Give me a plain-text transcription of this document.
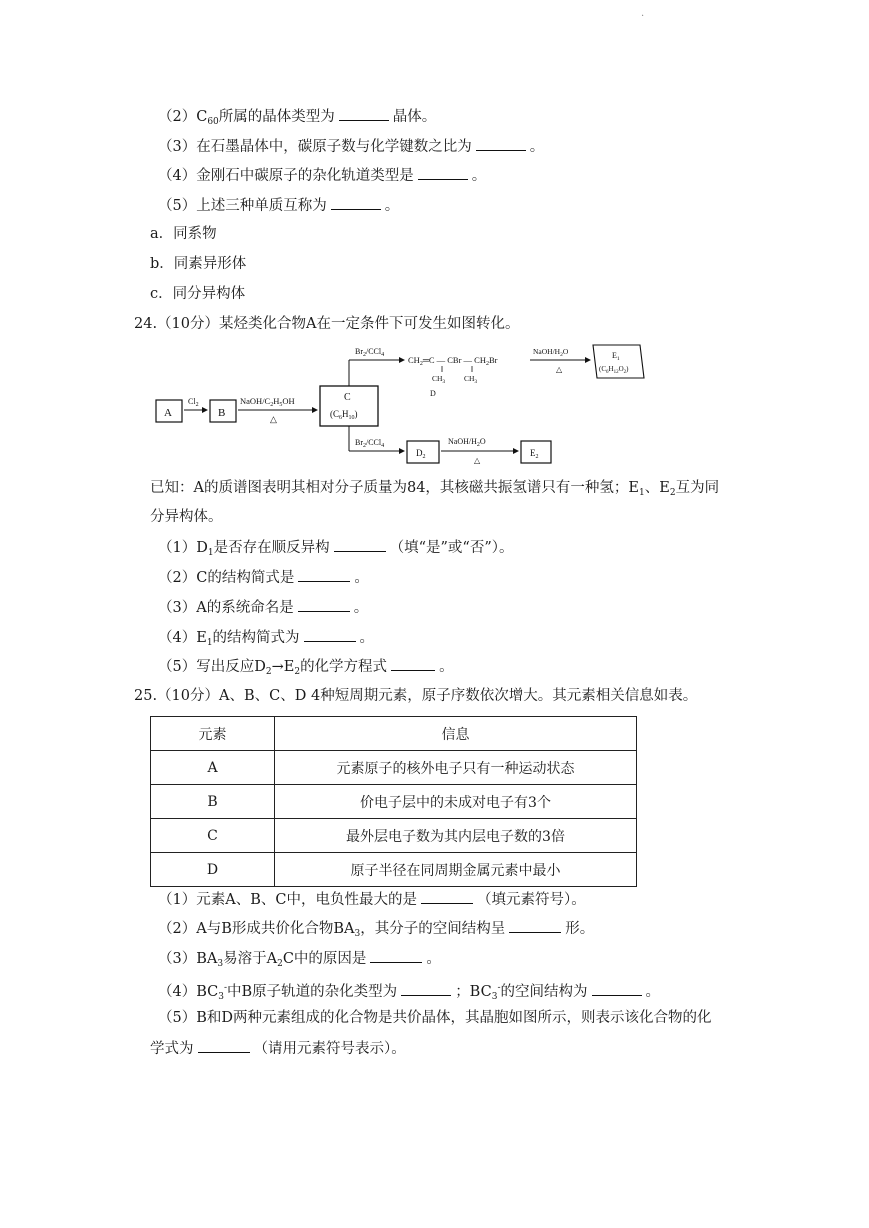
.
$(2)C_{60}$所属的晶体类型为	晶体。
（3）在石墨晶体中，碳原子数与化学键数之比为	。
（4）金刚石中碳原子的杂化轨道类型是	。
（5）上述三种单质互称为	。
a．同系物
b．同素异形体
c．同分异构体
24.（10分）某烃类化合物A在一定条件下可发生如图转化。
A
$Cl_2$
B
NaOH/$C_2H_5OH$
△
C
$(C_6H_{10})$
$Br_2/CCl_4$
$Br_2/CCl_4$
$CH_2═C$ — CBr — $CH_2Br$
$CH_3$	$CH_3$
D
NaOH/$H_2O$
△
$E_1$
$(C_6H_{12}O_2)$
$D_2$
NaOH/$H_2O$
△
$E_2$
已知：A的质谱图表明其相对分子质量为84，其核磁共振氢谱只有一种氢；$E_1$、$E_2$互为同
分异构体。
$(1)D_1$是否存在顺反异构	（填“是”或“否”）。
（2）C的结构简式是	。
（3）A的系统命名是	。
$(4)E_1$的结构简式为	。
（5）写出反应$D_2\to E_2$的化学方程式	。
25.（10分）A、B、C、D 4种短周期元素，原子序数依次增大。其元素相关信息如表。
元素	信息
A	元素原子的核外电子只有一种运动状态
B	价电子层中的未成对电子有3个
C	最外层电子数为其内层电子数的3倍
D	原子半径在同周期金属元素中最小
（1）元素A、B、C中，电负性最大的是	（填元素符号）。
（2）A与B形成共价化合物$BA_3$，其分子的空间结构呈	形。
$(3)BA_3$易溶于$A_2C$中的原因是	。
$(4)BC_3^-$中B原子轨道的杂化类型为	；$BC_3^-$的空间结构为	。
（5）B和D两种元素组成的化合物是共价晶体，其晶胞如图所示，则表示该化合物的化
学式为	（请用元素符号表示）。
